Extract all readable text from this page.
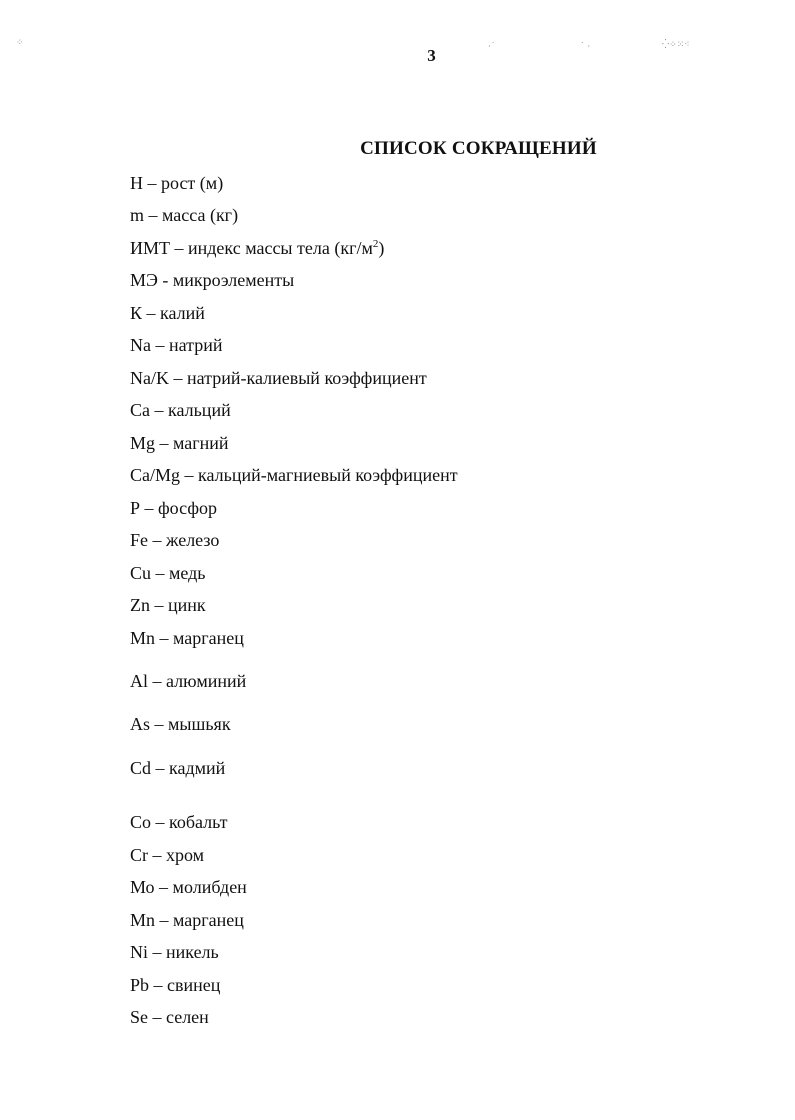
⁘	·˙	˙ ·	⁛⁘⁙⁖
3
СПИСОК СОКРАЩЕНИЙ
Н – рост (м)
m – масса (кг)
ИМТ – индекс массы тела $(кг/м^2)$
МЭ - микроэлементы
К – калий
Na – натрий
Na/K – натрий-калиевый коэффициент
Са – кальций
Mg – магний
Ca/Mg – кальций-магниевый коэффициент
Р – фосфор
Fe – железо
Cu – медь
Zn – цинк
Mn – марганец
Al – алюминий
As – мышьяк
Cd – кадмий
Со – кобальт
Cr – хром
Мо – молибден
Mn – марганец
Ni – никель
Pb – свинец
Se – селен
